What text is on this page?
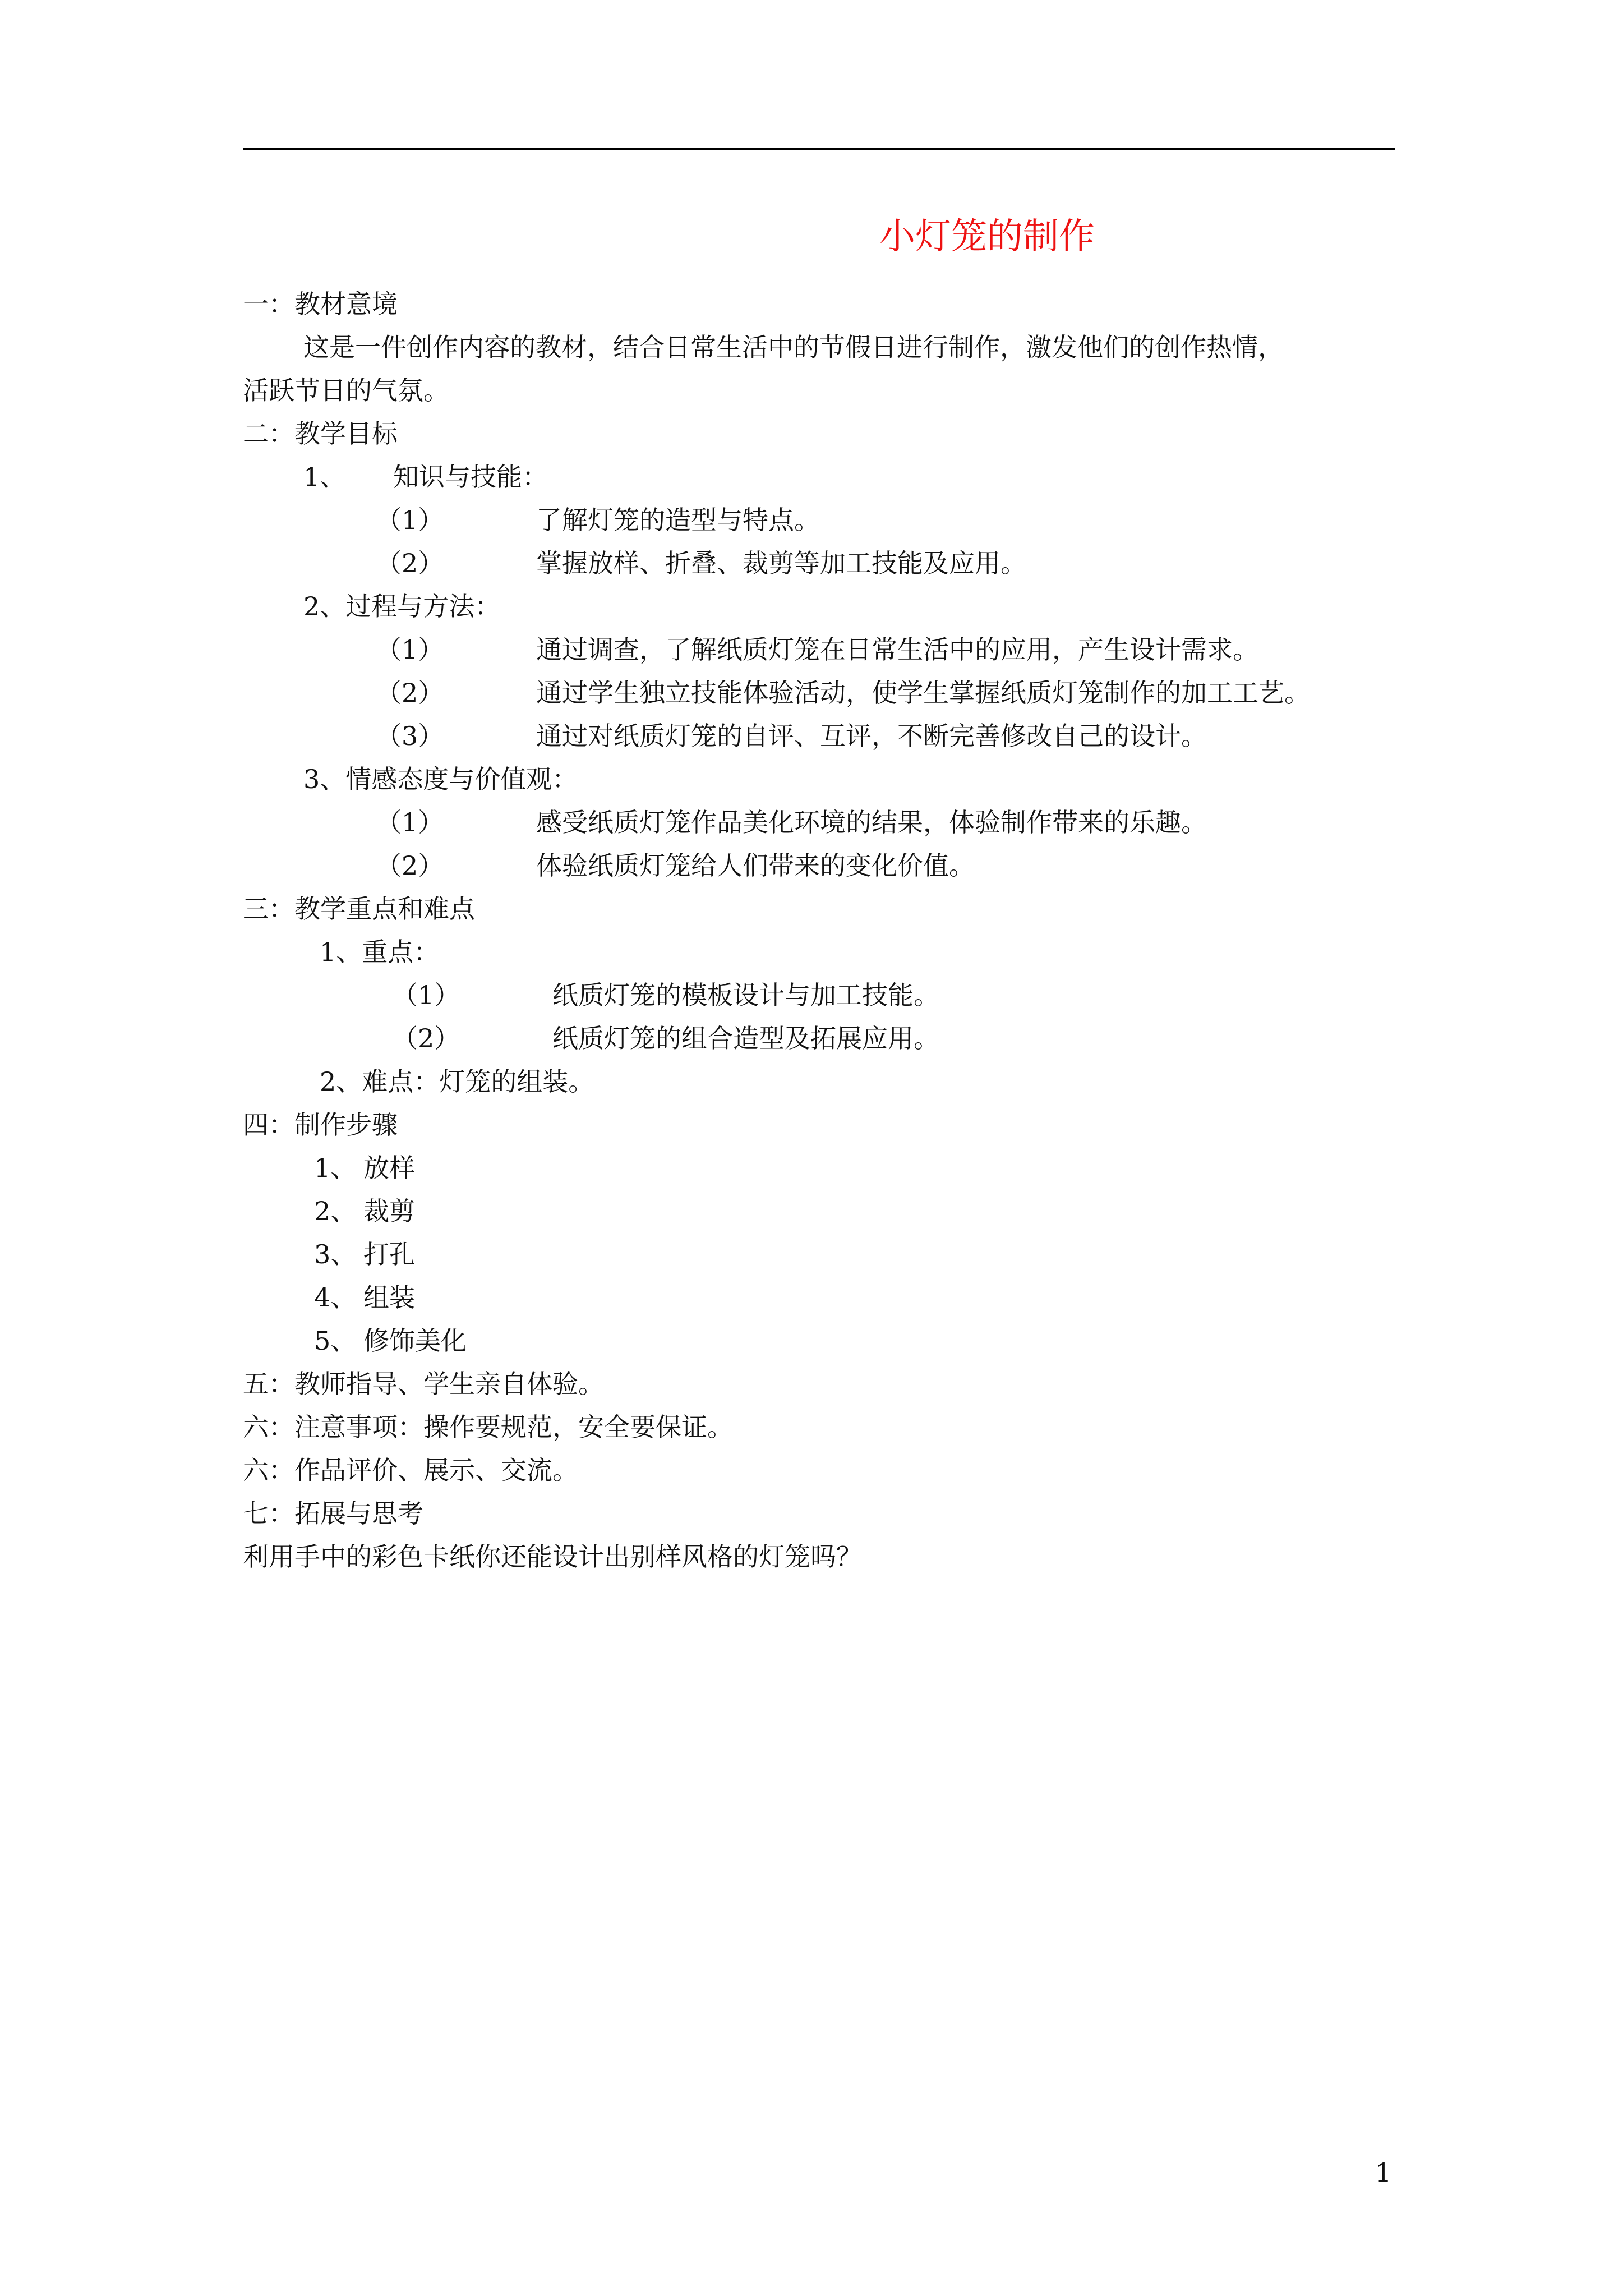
小灯笼的制作
一：教材意境
这是一件创作内容的教材，结合日常生活中的节假日进行制作，激发他们的创作热情，
活跃节日的气氛。
二：教学目标
1、 知识与技能：
（1）	了解灯笼的造型与特点。
（2）	掌握放样、折叠、裁剪等加工技能及应用。
2、过程与方法：
（1）	通过调查，了解纸质灯笼在日常生活中的应用，产生设计需求。
（2）	通过学生独立技能体验活动，使学生掌握纸质灯笼制作的加工工艺。
（3）	通过对纸质灯笼的自评、互评，不断完善修改自己的设计。
3、情感态度与价值观：
（1）	感受纸质灯笼作品美化环境的结果，体验制作带来的乐趣。
（2）	体验纸质灯笼给人们带来的变化价值。
三：教学重点和难点
1、重点：
（1）	纸质灯笼的模板设计与加工技能。
（2）	纸质灯笼的组合造型及拓展应用。
2、难点：灯笼的组装。
四：制作步骤
1、 放样
2、 裁剪
3、 打孔
4、 组装
5、 修饰美化
五：教师指导、学生亲自体验。
六：注意事项：操作要规范，安全要保证。
六：作品评价、展示、交流。
七：拓展与思考
利用手中的彩色卡纸你还能设计出别样风格的灯笼吗？
1
